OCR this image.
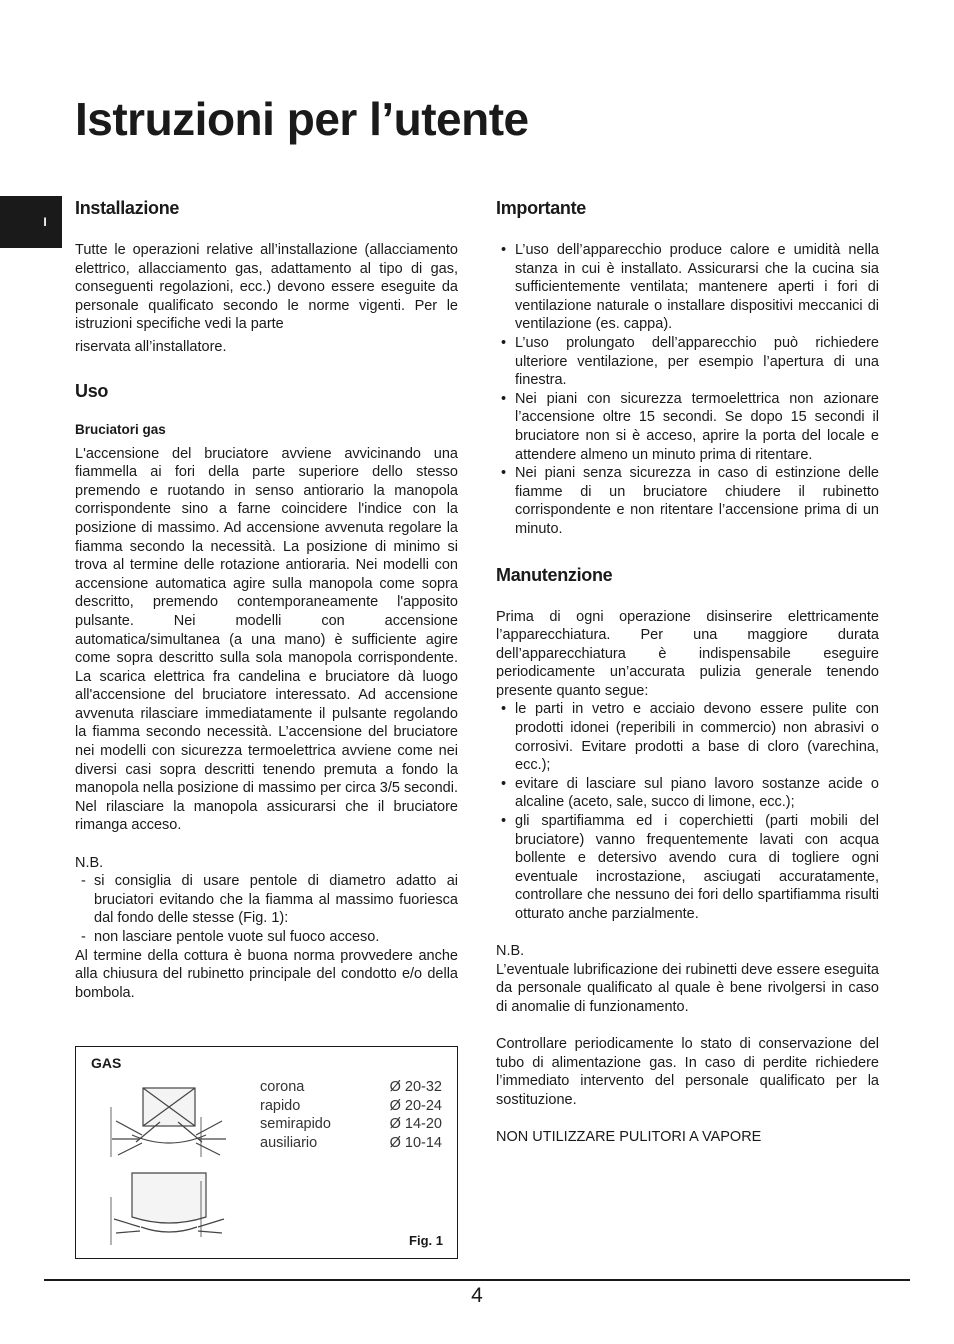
Istruzioni per l’utente
I
Installazione

Tutte le operazioni relative all’installazione (allacciamento elettrico, allacciamento gas, adattamento al tipo di gas, conseguenti regolazioni, ecc.) devono essere eseguite da personale qualificato secondo le norme vigenti. Per le istruzioni specifiche vedi la parte

riservata all’installatore.

Uso
Bruciatori gas

L'accensione del bruciatore avviene avvicinando una fiammella ai fori della parte superiore dello stesso premendo e ruotando in senso antiorario la manopola corrispondente sino a farne coincidere l'indice con la posizione di massimo. Ad accensione avvenuta regolare la fiamma secondo la necessità. La posizione di minimo si trova al termine delle rotazione antioraria. Nei modelli con accensione automatica agire sulla manopola come sopra descritto, premendo contemporaneamente l'apposito pulsante. Nei modelli con accensione automatica/simultanea (a una mano) è sufficiente agire come sopra descritto sulla sola manopola corrispondente. La scarica elettrica fra candelina e bruciatore dà luogo all'accensione del bruciatore interessato. Ad accensione avvenuta rilasciare immediatamente il pulsante regolando la fiamma secondo necessità. L’accensione del bruciatore nei modelli con sicurezza termoelettrica avviene come nei diversi casi sopra descritti tenendo premuta a fondo la manopola nella posizione di massimo per circa 3/5 secondi. Nel rilasciare la manopola assicurarsi che il bruciatore rimanga acceso.

N.B.

- si consiglia di usare pentole di diametro adatto ai bruciatori evitando che la fiamma al massimo fuoriesca dal fondo delle stesse (Fig. 1):
- non lasciare pentole vuote sul fuoco acceso.

Al termine della cottura è buona norma provvedere anche alla chiusura del rubinetto principale del condotto e/o della bombola.

GAS
corona	Ø 20-32
rapido	Ø 20-24
semirapido	Ø 14-20
ausiliario	Ø 10-14
Fig. 1
Importante
• L’uso dell’apparecchio produce calore e umidità nella stanza in cui è installato. Assicurarsi che la cucina sia sufficientemente ventilata; mantenere aperti i fori di ventilazione naturale o installare dispositivi meccanici di ventilazione (es. cappa).
• L’uso prolungato dell’apparecchio può richiedere ulteriore ventilazione, per esempio l’apertura di una finestra.
• Nei piani con sicurezza termoelettrica non azionare l’accensione oltre 15 secondi. Se dopo 15 secondi il bruciatore non si è acceso, aprire la porta del locale e attendere almeno un minuto prima di ritentare.
• Nei piani senza sicurezza in caso di estinzione delle fiamme di un bruciatore chiudere il rubinetto corrispondente e non ritentare l’accensione prima di un minuto.
Manutenzione

Prima di ogni operazione disinserire elettricamente l’apparecchiatura. Per una maggiore durata dell’apparecchiatura è indispensabile eseguire periodicamente un’accurata pulizia generale tenendo presente quanto segue:

• le parti in vetro e acciaio devono essere pulite con prodotti idonei (reperibili in commercio) non abrasivi o corrosivi. Evitare prodotti a base di cloro (varechina, ecc.);
• evitare di lasciare sul piano lavoro sostanze acide o alcaline (aceto, sale, succo di limone, ecc.);
• gli spartifiamma ed i coperchietti (parti mobili del bruciatore) vanno frequentemente lavati con acqua bollente e detersivo avendo cura di togliere ogni eventuale incrostazione, asciugati accuratamente, controllare che nessuno dei fori dello spartifiamma risulti otturato anche parzialmente.

N.B.

L’eventuale lubrificazione dei rubinetti deve essere eseguita da personale qualificato al quale è bene rivolgersi in caso di anomalie di funzionamento.

Controllare periodicamente lo stato di conservazione del tubo di alimentazione gas. In caso di perdite richiedere l’immediato intervento del personale qualificato per la sostituzione.

NON UTILIZZARE PULITORI A VAPORE

4
